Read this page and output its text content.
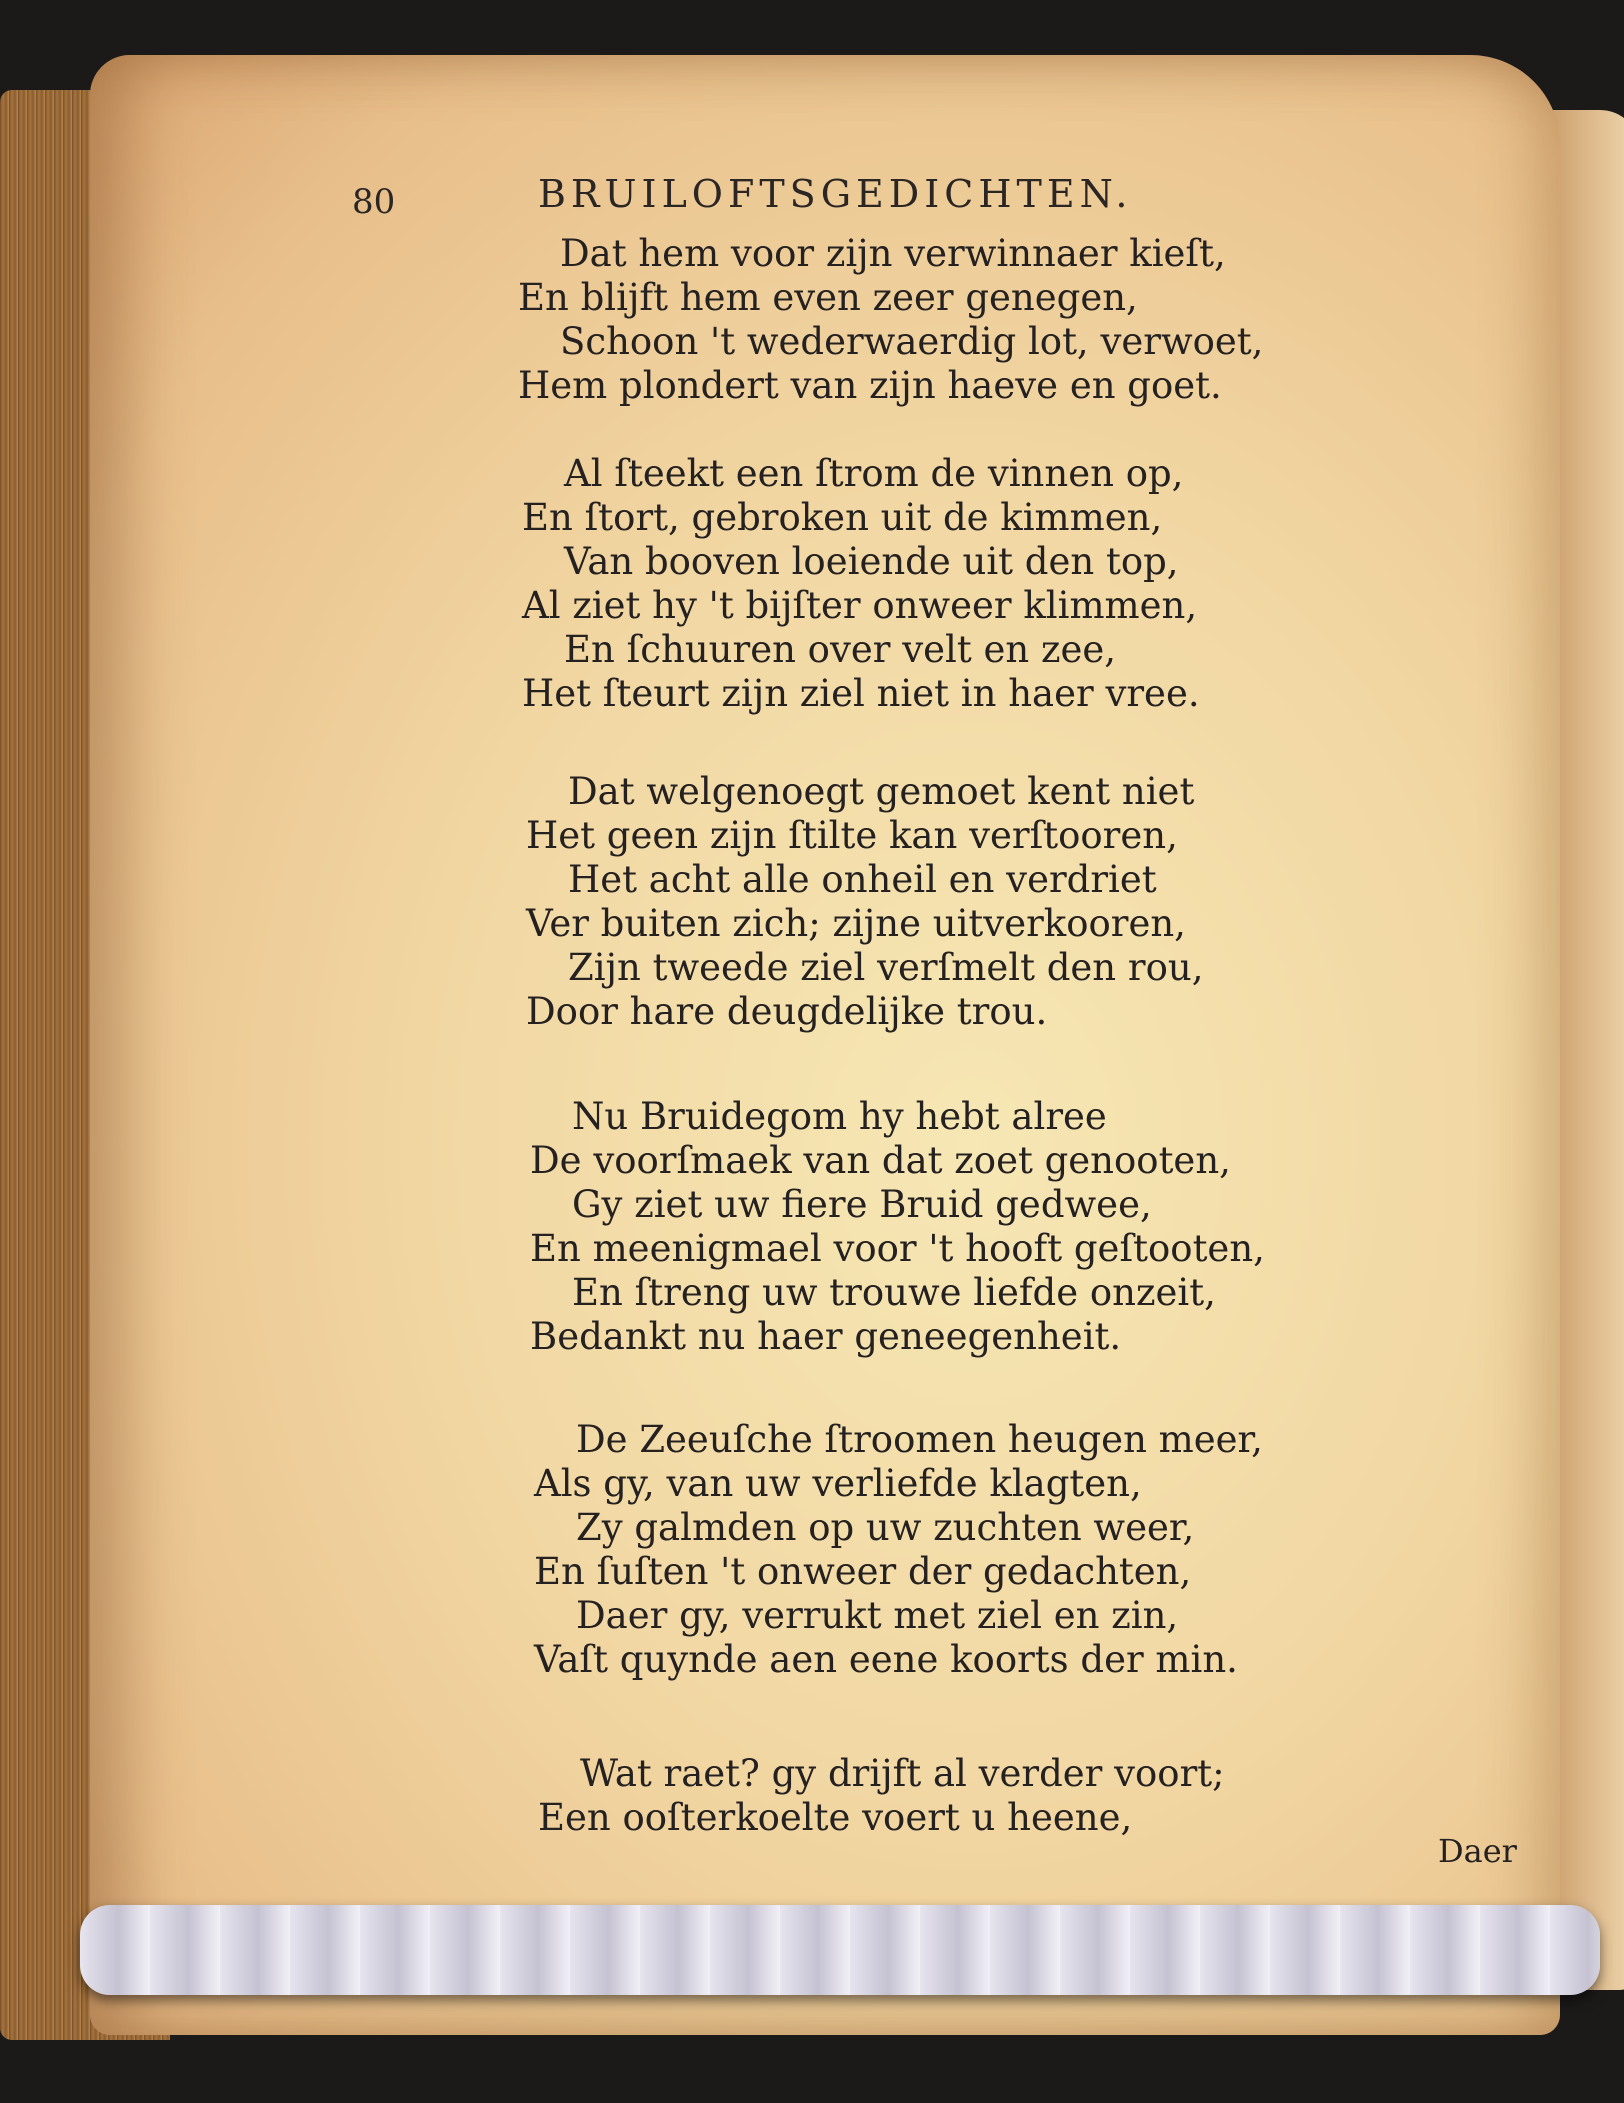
80	BRUILOFTSGEDICHTEN.
Dat hem voor zijn verwinnaer kieſt,
En blijft hem even zeer genegen,
Schoon 't wederwaerdig lot, verwoet,
Hem plondert van zijn haeve en goet.
Al ſteekt een ſtrom de vinnen op,
En ſtort, gebroken uit de kimmen,
Van booven loeiende uit den top,
Al ziet hy 't bijſter onweer klimmen,
En ſchuuren over velt en zee,
Het ſteurt zijn ziel niet in haer vree.
Dat welgenoegt gemoet kent niet
Het geen zijn ſtilte kan verſtooren,
Het acht alle onheil en verdriet
Ver buiten zich; zijne uitverkooren,
Zijn tweede ziel verſmelt den rou,
Door hare deugdelijke trou.
Nu Bruidegom hy hebt alree
De voorſmaek van dat zoet genooten,
Gy ziet uw fiere Bruid gedwee,
En meenigmael voor 't hooft geſtooten,
En ſtreng uw trouwe liefde onzeit,
Bedankt nu haer geneegenheit.
De Zeeuſche ſtroomen heugen meer,
Als gy, van uw verliefde klagten,
Zy galmden op uw zuchten weer,
En ſuſten 't onweer der gedachten,
Daer gy, verrukt met ziel en zin,
Vaſt quynde aen eene koorts der min.
Wat raet? gy drijft al verder voort;
Een ooſterkoelte voert u heene,
Daer
